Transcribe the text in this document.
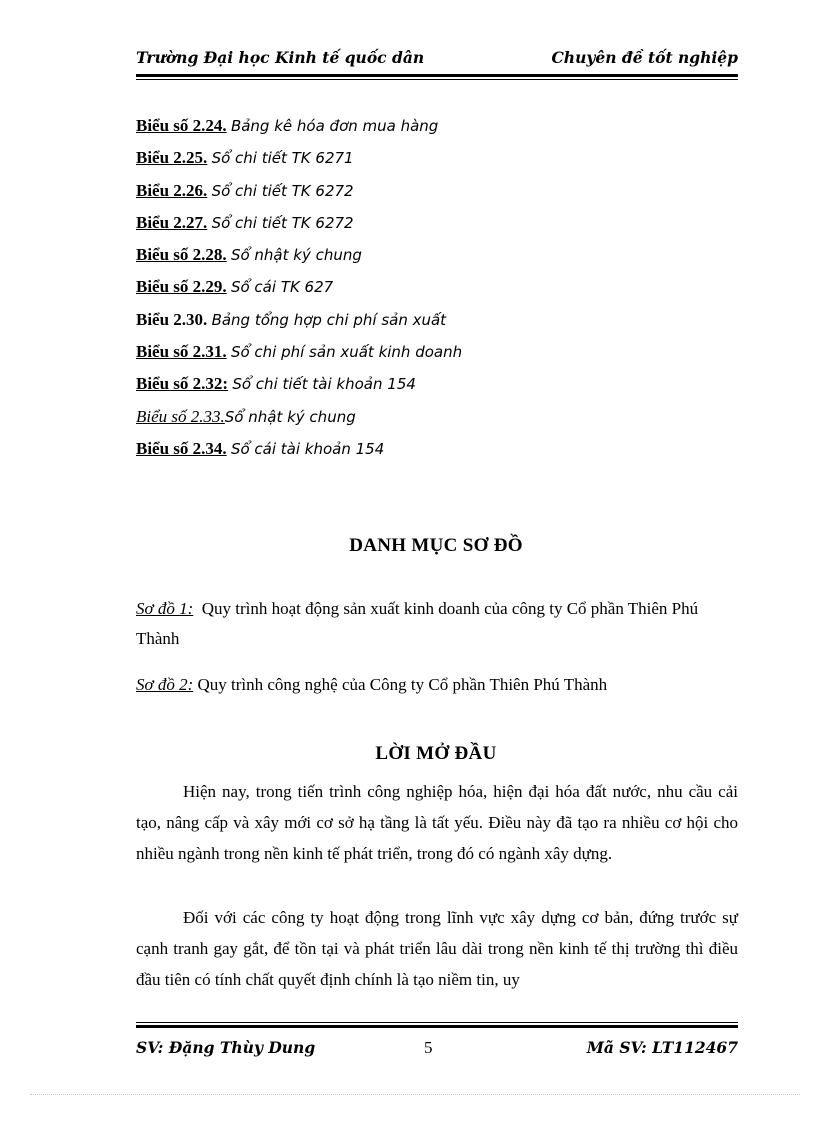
Trường Đại học Kinh tế quốc dân	Chuyên đề tốt nghiệp
Biểu số 2.24. Bảng kê hóa đơn mua hàng
Biểu 2.25. Sổ chi tiết TK 6271
Biểu 2.26. Sổ chi tiết TK 6272
Biểu 2.27. Sổ chi tiết TK 6272
Biểu số 2.28. Sổ nhật ký chung
Biểu số 2.29. Sổ cái TK 627
Biểu 2.30. Bảng tổng hợp chi phí sản xuất
Biểu số 2.31. Sổ chi phí sản xuất kinh doanh
Biểu số 2.32: Sổ chi tiết tài khoản 154
Biểu số 2.33.Sổ nhật ký chung
Biểu số 2.34. Sổ cái tài khoản 154
DANH MỤC SƠ ĐỒ
Sơ đồ 1: Quy trình hoạt động sản xuất kinh doanh của công ty Cổ phần Thiên Phú Thành
Sơ đồ 2: Quy trình công nghệ của Công ty Cổ phần Thiên Phú Thành
LỜI MỞ ĐẦU

Hiện nay, trong tiến trình công nghiệp hóa, hiện đại hóa đất nước, nhu cầu cải tạo, nâng cấp và xây mới cơ sở hạ tầng là tất yếu. Điều này đã tạo ra nhiều cơ hội cho nhiều ngành trong nền kinh tế phát triển, trong đó có ngành xây dựng.

Đối với các công ty hoạt động trong lĩnh vực xây dựng cơ bản, đứng trước sự cạnh tranh gay gắt, để tồn tại và phát triển lâu dài trong nền kinh tế thị trường thì điều đầu tiên có tính chất quyết định chính là tạo niềm tin, uy

SV: Đặng Thùy Dung	5	Mã SV: LT112467
